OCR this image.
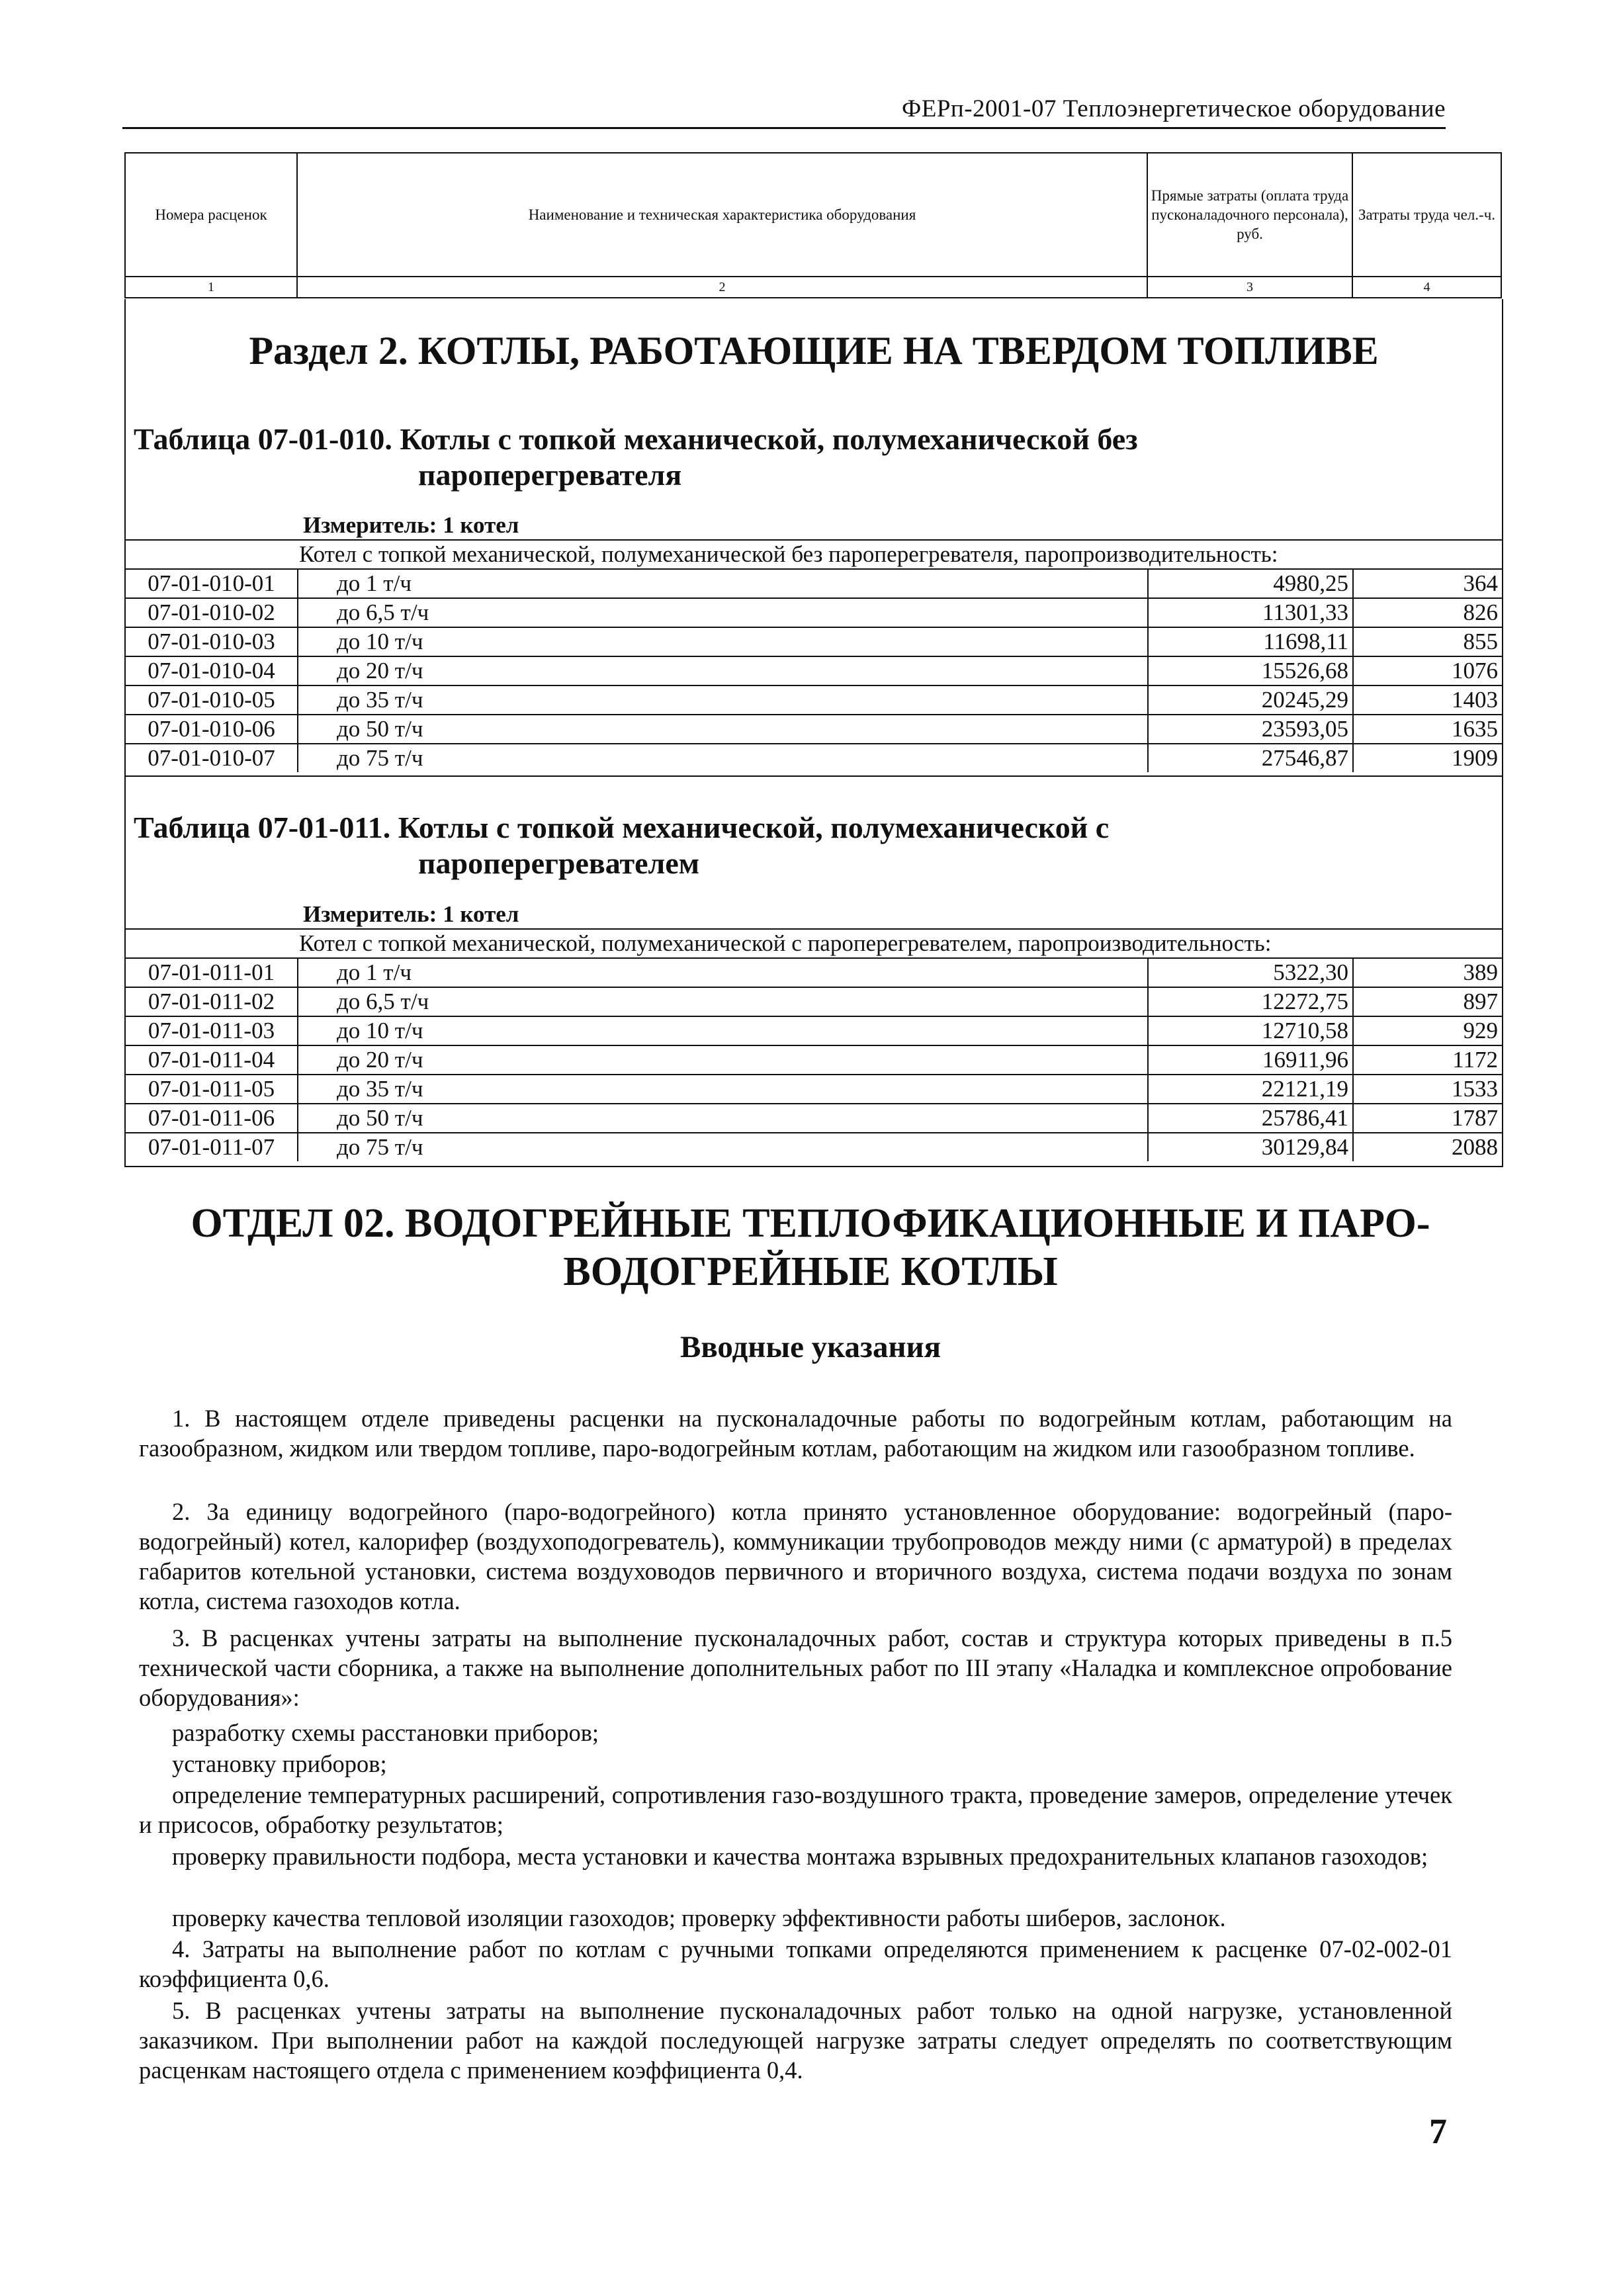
ФЕРп-2001-07 Теплоэнергетическое оборудование
Номера расценок	Наименование и техническая характеристика оборудования	Прямые затраты (оплата труда пусконаладочного персонала), руб.	Затраты труда чел.-ч.
1	2	3	4
Раздел 2. КОТЛЫ, РАБОТАЮЩИЕ НА ТВЕРДОМ ТОПЛИВЕ
Таблица 07-01-010. Котлы с топкой механической, полумеханической без
пароперегревателя
Измеритель: 1 котел
Котел с топкой механической, полумеханической без пароперегревателя, паропроизводительность:			
07-01-010-01	до 1 т/ч	4980,25	364
07-01-010-02	до 6,5 т/ч	11301,33	826
07-01-010-03	до 10 т/ч	11698,11	855
07-01-010-04	до 20 т/ч	15526,68	1076
07-01-010-05	до 35 т/ч	20245,29	1403
07-01-010-06	до 50 т/ч	23593,05	1635
07-01-010-07	до 75 т/ч	27546,87	1909
Таблица 07-01-011. Котлы с топкой механической, полумеханической с
пароперегревателем
Измеритель: 1 котел
Котел с топкой механической, полумеханической с пароперегревателем, паропроизводительность:			
07-01-011-01	до 1 т/ч	5322,30	389
07-01-011-02	до 6,5 т/ч	12272,75	897
07-01-011-03	до 10 т/ч	12710,58	929
07-01-011-04	до 20 т/ч	16911,96	1172
07-01-011-05	до 35 т/ч	22121,19	1533
07-01-011-06	до 50 т/ч	25786,41	1787
07-01-011-07	до 75 т/ч	30129,84	2088
ОТДЕЛ 02. ВОДОГРЕЙНЫЕ ТЕПЛОФИКАЦИОННЫЕ И ПАРО-
ВОДОГРЕЙНЫЕ КОТЛЫ
Вводные указания

1. В настоящем отделе приведены расценки на пусконаладочные работы по водогрейным котлам, работающим на газообразном, жидком или твердом топливе, паро-водогрейным котлам, работающим на жидком или газообразном топливе.

2. За единицу водогрейного (паро-водогрейного) котла принято установленное оборудование: водогрейный (паро-водогрейный) котел, калорифер (воздухоподогреватель), коммуникации трубопроводов между ними (с арматурой) в пределах габаритов котельной установки, система воздуховодов первичного и вторичного воздуха, система подачи воздуха по зонам котла, система газоходов котла.

3. В расценках учтены затраты на выполнение пусконаладочных работ, состав и структура которых приведены в п.5 технической части сборника, а также на выполнение дополнительных работ по III этапу «Наладка и комплексное опробование оборудования»:

разработку схемы расстановки приборов;

установку приборов;

определение температурных расширений, сопротивления газо-воздушного тракта, проведение замеров, определение утечек и присосов, обработку результатов;

проверку правильности подбора, места установки и качества монтажа взрывных предохранительных клапанов газоходов;

проверку качества тепловой изоляции газоходов; проверку эффективности работы шиберов, заслонок.

4. Затраты на выполнение работ по котлам с ручными топками определяются применением к расценке 07-02-002-01 коэффициента 0,6.

5. В расценках учтены затраты на выполнение пусконаладочных работ только на одной нагрузке, установленной заказчиком. При выполнении работ на каждой последующей нагрузке затраты следует определять по соответствующим расценкам настоящего отдела с применением коэффициента 0,4.

7
